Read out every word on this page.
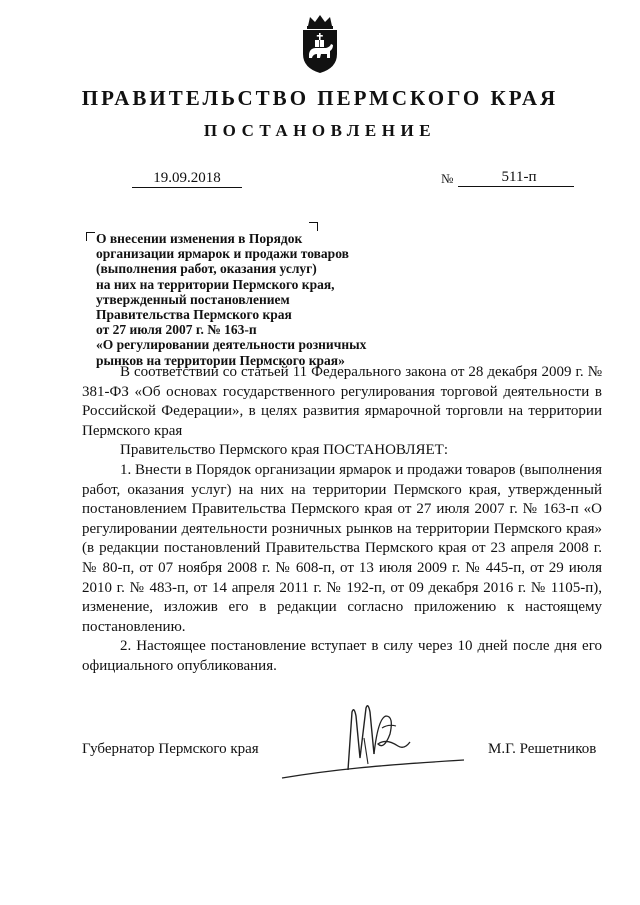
ПРАВИТЕЛЬСТВО ПЕРМСКОГО КРАЯ
ПОСТАНОВЛЕНИЕ
19.09.2018	№	511-п
О внесении изменения в Порядок
организации ярмарок и продажи товаров
(выполнения работ, оказания услуг)
на них на территории Пермского края,
утвержденный постановлением
Правительства Пермского края
от 27 июля 2007 г. № 163-п
«О регулировании деятельности розничных
рынков на территории Пермского края»

В соответствии со статьей 11 Федерального закона от 28 декабря 2009 г. № 381-ФЗ «Об основах государственного регулирования торговой деятельности в Российской Федерации», в целях развития ярмарочной торговли на территории Пермского края

Правительство Пермского края ПОСТАНОВЛЯЕТ:

1. Внести в Порядок организации ярмарок и продажи товаров (выполнения работ, оказания услуг) на них на территории Пермского края, утвержденный постановлением Правительства Пермского края от 27 июля 2007 г. № 163-п «О регулировании деятельности розничных рынков на территории Пермского края» (в редакции постановлений Правительства Пермского края от 23 апреля 2008 г. № 80-п, от 07 ноября 2008 г. № 608-п, от 13 июля 2009 г. № 445-п, от 29 июля 2010 г. № 483-п, от 14 апреля 2011 г. № 192-п, от 09 декабря 2016 г. № 1105-п), изменение, изложив его в редакции согласно приложению к настоящему постановлению.

2. Настоящее постановление вступает в силу через 10 дней после дня его официального опубликования.

Губернатор Пермского края	М.Г. Решетников
